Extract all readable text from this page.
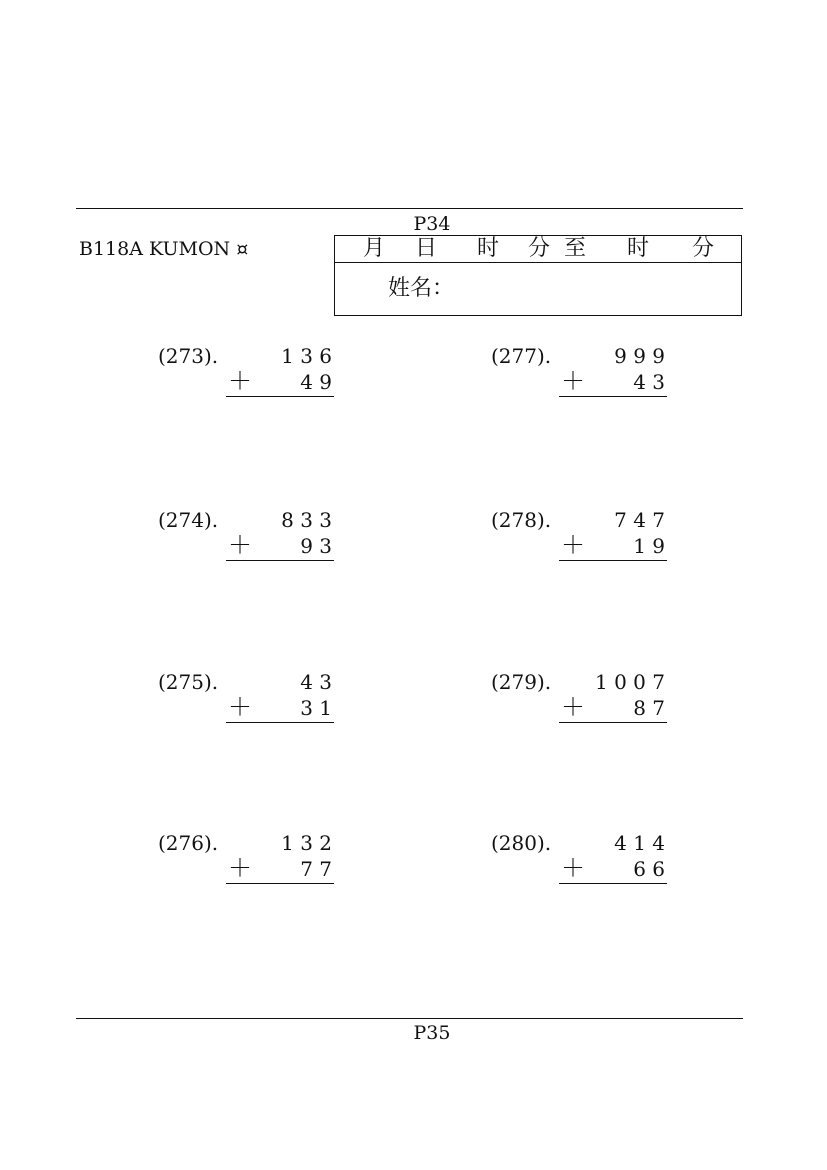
P34
B118A KUMON ¤	月 日 时 分 至 时 分
姓名：
(273).	1 3 6
＋	4 9
(274).	8 3 3
＋	9 3
(275).	4 3
＋	3 1
(276).	1 3 2
＋	7 7
(277).	9 9 9
＋	4 3
(278).	7 4 7
＋	1 9
(279).	1 0 0 7
＋	8 7
(280).	4 1 4
＋	6 6
P35
